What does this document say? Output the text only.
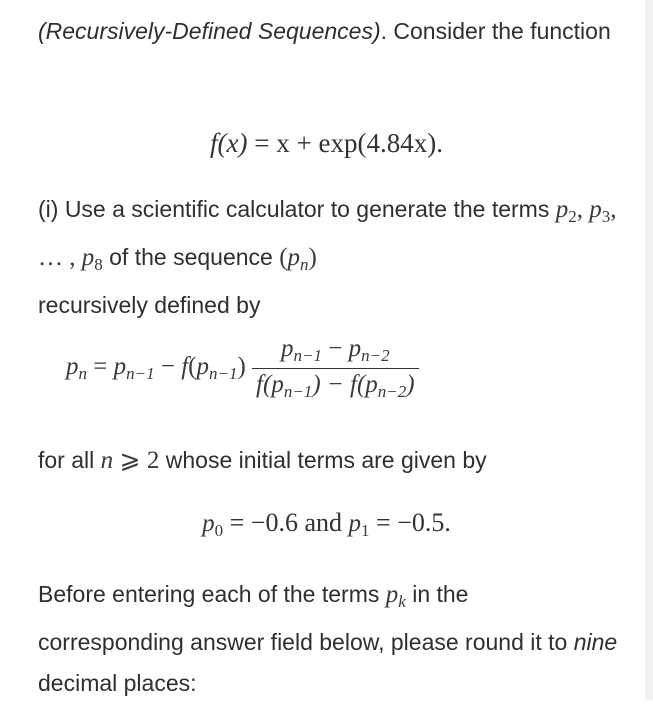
(Recursively-Defined Sequences). Consider the function
f(x) = x + exp(4.84x).
(i) Use a scientific calculator to generate the terms $p_2$, $p_3$, … , $p_8$ of the sequence (pn)
recursively defined by
pn = $pn-1 - f(pn-1) \frac{pn-1 - pn-2}{f(pn-1) - f(pn-2)}$
for all n ⩾ 2 whose initial terms are given by
$p_0 = -0.6$ and $p_1 = -0.5$.
Before entering each of the terms pk in the corresponding answer field below, please round it to nine decimal places:
